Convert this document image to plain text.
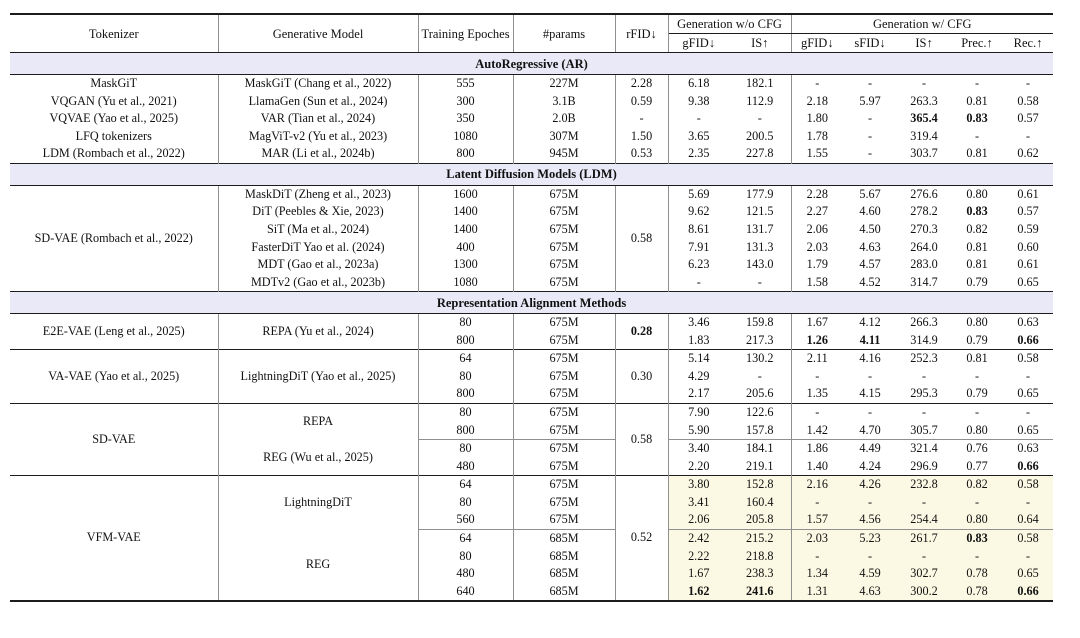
Tokenizer	Generative Model	Training Epoches	#params	rFID↓	Generation w/o CFG		Generation w/ CFG				
					gFID↓	IS↑	gFID↓	sFID↓	IS↑	Prec.↑	Rec.↑
AutoRegressive (AR)											
MaskGiT	MaskGiT (Chang et al., 2022)	555	227M	2.28	6.18	182.1	-	-	-	-	-
VQGAN (Yu et al., 2021)	LlamaGen (Sun et al., 2024)	300	3.1B	0.59	9.38	112.9	2.18	5.97	263.3	0.81	0.58
VQVAE (Yao et al., 2025)	VAR (Tian et al., 2024)	350	2.0B	-	-	-	1.80	-	365.4	0.83	0.57
LFQ tokenizers	MagViT-v2 (Yu et al., 2023)	1080	307M	1.50	3.65	200.5	1.78	-	319.4	-	-
LDM (Rombach et al., 2022)	MAR (Li et al., 2024b)	800	945M	0.53	2.35	227.8	1.55	-	303.7	0.81	0.62
Latent Diffusion Models (LDM)											
SD-VAE (Rombach et al., 2022)	MaskDiT (Zheng et al., 2023)	1600	675M	0.58	5.69	177.9	2.28	5.67	276.6	0.80	0.61
	DiT (Peebles & Xie, 2023)	1400	675M		9.62	121.5	2.27	4.60	278.2	0.83	0.57
	SiT (Ma et al., 2024)	1400	675M		8.61	131.7	2.06	4.50	270.3	0.82	0.59
	FasterDiT Yao et al. (2024)	400	675M		7.91	131.3	2.03	4.63	264.0	0.81	0.60
	MDT (Gao et al., 2023a)	1300	675M		6.23	143.0	1.79	4.57	283.0	0.81	0.61
	MDTv2 (Gao et al., 2023b)	1080	675M		-	-	1.58	4.52	314.7	0.79	0.65
Representation Alignment Methods											
E2E-VAE (Leng et al., 2025)	REPA (Yu et al., 2024)	80	675M	0.28	3.46	159.8	1.67	4.12	266.3	0.80	0.63
		800	675M		1.83	217.3	1.26	4.11	314.9	0.79	0.66
VA-VAE (Yao et al., 2025)	LightningDiT (Yao et al., 2025)	64	675M	0.30	5.14	130.2	2.11	4.16	252.3	0.81	0.58
		80	675M		4.29	-	-	-	-	-	-
		800	675M		2.17	205.6	1.35	4.15	295.3	0.79	0.65
SD-VAE	REPA	80	675M	0.58	7.90	122.6	-	-	-	-	-
		800	675M		5.90	157.8	1.42	4.70	305.7	0.80	0.65
	REG (Wu et al., 2025)	80	675M		3.40	184.1	1.86	4.49	321.4	0.76	0.63
		480	675M		2.20	219.1	1.40	4.24	296.9	0.77	0.66
VFM-VAE	LightningDiT	64	675M	0.52	3.80	152.8	2.16	4.26	232.8	0.82	0.58
		80	675M		3.41	160.4	-	-	-	-	-
		560	675M		2.06	205.8	1.57	4.56	254.4	0.80	0.64
	REG	64	685M		2.42	215.2	2.03	5.23	261.7	0.83	0.58
		80	685M		2.22	218.8	-	-	-	-	-
		480	685M		1.67	238.3	1.34	4.59	302.7	0.78	0.65
		640	685M		1.62	241.6	1.31	4.63	300.2	0.78	0.66
